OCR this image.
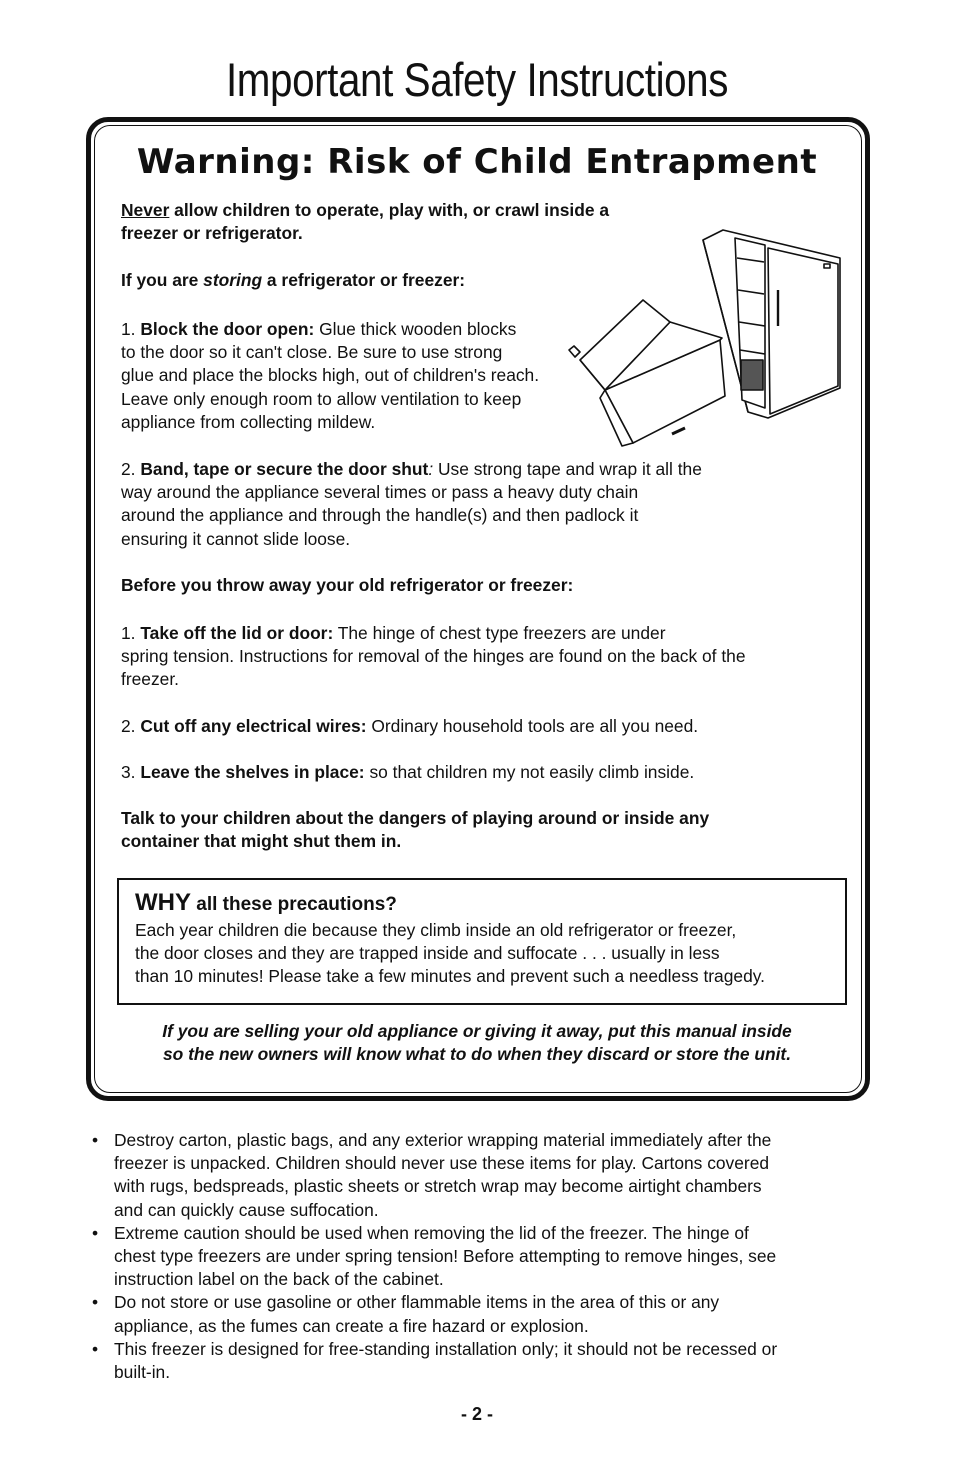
Important Safety Instructions
Warning: Risk of Child Entrapment
Never allow children to operate, play with, or crawl inside a
freezer or refrigerator.
If you are storing a refrigerator or freezer:
1. Block the door open: Glue thick wooden blocks
to the door so it can't close. Be sure to use strong
glue and place the blocks high, out of children's reach.
Leave only enough room to allow ventilation to keep
appliance from collecting mildew.
2. Band, tape or secure the door shut: Use strong tape and wrap it all the
way around the appliance several times or pass a heavy duty chain
around the appliance and through the handle(s) and then padlock it
ensuring it cannot slide loose.
Before you throw away your old refrigerator or freezer:
1. Take off the lid or door: The hinge of chest type freezers are under
spring tension. Instructions for removal of the hinges are found on the back of the
freezer.
2. Cut off any electrical wires: Ordinary household tools are all you need.
3. Leave the shelves in place: so that children my not easily climb inside.
Talk to your children about the dangers of playing around or inside any
container that might shut them in.
WHY all these precautions?
Each year children die because they climb inside an old refrigerator or freezer,
the door closes and they are trapped inside and suffocate . . . usually in less
than 10 minutes! Please take a few minutes and prevent such a needless tragedy.
If you are selling your old appliance or giving it away, put this manual inside
so the new owners will know what to do when they discard or store the unit.
• Destroy carton, plastic bags, and any exterior wrapping material immediately after the
freezer is unpacked. Children should never use these items for play. Cartons covered
with rugs, bedspreads, plastic sheets or stretch wrap may become airtight chambers
and can quickly cause suffocation.
• Extreme caution should be used when removing the lid of the freezer. The hinge of
chest type freezers are under spring tension! Before attempting to remove hinges, see
instruction label on the back of the cabinet.
• Do not store or use gasoline or other flammable items in the area of this or any
appliance, as the fumes can create a fire hazard or explosion.
• This freezer is designed for free-standing installation only; it should not be recessed or
built-in.
- 2 -
